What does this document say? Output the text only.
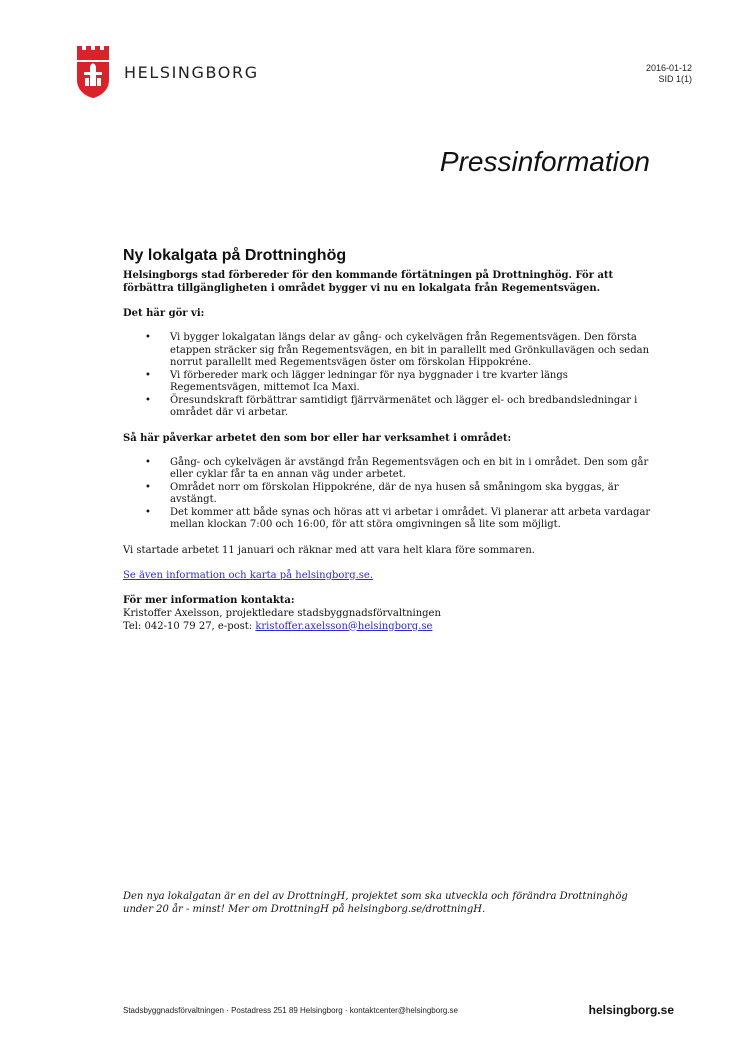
HELSINGBORG	2016-01-12
SID 1(1)
Pressinformation
Ny lokalgata på Drottninghög

Helsingborgs stad förbereder för den kommande förtätningen på Drottninghög. För att förbättra tillgängligheten i området bygger vi nu en lokalgata från Regementsvägen.

Det här gör vi:

• Vi bygger lokalgatan längs delar av gång- och cykelvägen från Regementsvägen. Den första etappen sträcker sig från Regementsvägen, en bit in parallellt med Grönkullavägen och sedan norrut parallellt med Regementsvägen öster om förskolan Hippokréne.
• Vi förbereder mark och lägger ledningar för nya byggnader i tre kvarter längs Regementsvägen, mittemot Ica Maxi.
• Öresundskraft förbättrar samtidigt fjärrvärmenätet och lägger el- och bredbandsledningar i området där vi arbetar.

Så här påverkar arbetet den som bor eller har verksamhet i området:

• Gång- och cykelvägen är avstängd från Regementsvägen och en bit in i området. Den som går eller cyklar får ta en annan väg under arbetet.
• Området norr om förskolan Hippokréne, där de nya husen så småningom ska byggas, är avstängt.
• Det kommer att både synas och höras att vi arbetar i området. Vi planerar att arbeta vardagar mellan klockan 7:00 och 16:00, för att störa omgivningen så lite som möjligt.

Vi startade arbetet 11 januari och räknar med att vara helt klara före sommaren.

Se även information och karta på helsingborg.se.

För mer information kontakta:

Kristoffer Axelsson, projektledare stadsbyggnadsförvaltningen

Tel: 042-10 79 27, e-post: kristoffer.axelsson@helsingborg.se

Den nya lokalgatan är en del av DrottningH, projektet som ska utveckla och förändra Drottninghög under 20 år - minst! Mer om DrottningH på helsingborg.se/drottningH.
Stadsbyggnadsförvaltningen · Postadress 251 89 Helsingborg · kontaktcenter@helsingborg.se	helsingborg.se
